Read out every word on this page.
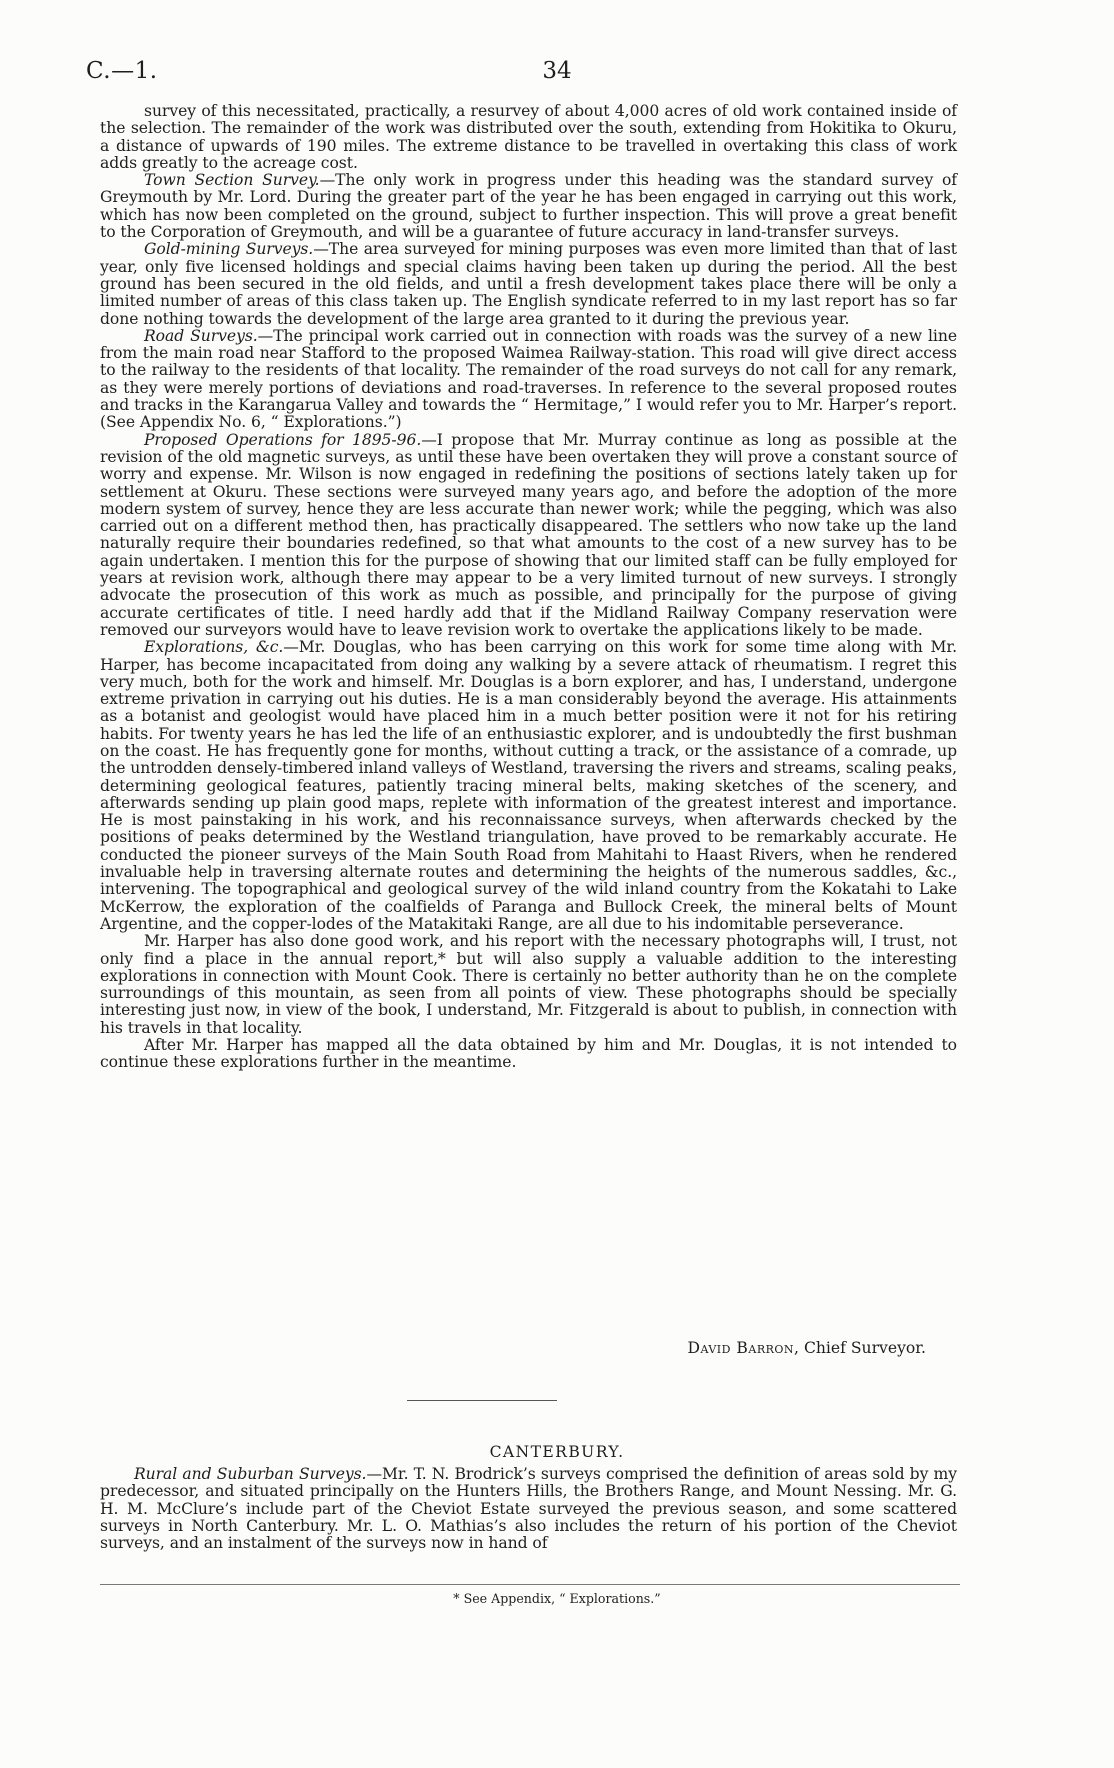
C.—1.	34

survey of this necessitated, practically, a resurvey of about 4,000 acres of old work contained inside of the selection. The remainder of the work was distributed over the south, extending from Hokitika to Okuru, a distance of upwards of 190 miles. The extreme distance to be travelled in overtaking this class of work adds greatly to the acreage cost.

Town Section Survey.—The only work in progress under this heading was the standard survey of Greymouth by Mr. Lord. During the greater part of the year he has been engaged in carrying out this work, which has now been completed on the ground, subject to further inspection. This will prove a great benefit to the Corporation of Greymouth, and will be a guarantee of future accuracy in land-transfer surveys.

Gold-mining Surveys.—The area surveyed for mining purposes was even more limited than that of last year, only five licensed holdings and special claims having been taken up during the period. All the best ground has been secured in the old fields, and until a fresh development takes place there will be only a limited number of areas of this class taken up. The English syndicate referred to in my last report has so far done nothing towards the development of the large area granted to it during the previous year.

Road Surveys.—The principal work carried out in connection with roads was the survey of a new line from the main road near Stafford to the proposed Waimea Railway-station. This road will give direct access to the railway to the residents of that locality. The remainder of the road surveys do not call for any remark, as they were merely portions of deviations and road-traverses. In reference to the several proposed routes and tracks in the Karangarua Valley and towards the “ Hermitage,” I would refer you to Mr. Harper’s report. (See Appendix No. 6, “ Explorations.”)

Proposed Operations for 1895-96.—I propose that Mr. Murray continue as long as possible at the revision of the old magnetic surveys, as until these have been overtaken they will prove a constant source of worry and expense. Mr. Wilson is now engaged in redefining the positions of sections lately taken up for settlement at Okuru. These sections were surveyed many years ago, and before the adoption of the more modern system of survey, hence they are less accurate than newer work; while the pegging, which was also carried out on a different method then, has practically disappeared. The settlers who now take up the land naturally require their boundaries redefined, so that what amounts to the cost of a new survey has to be again undertaken. I mention this for the purpose of showing that our limited staff can be fully employed for years at revision work, although there may appear to be a very limited turnout of new surveys. I strongly advocate the prosecution of this work as much as possible, and principally for the purpose of giving accurate certificates of title. I need hardly add that if the Midland Railway Company reservation were removed our surveyors would have to leave revision work to overtake the applications likely to be made.

Explorations, &c.—Mr. Douglas, who has been carrying on this work for some time along with Mr. Harper, has become incapacitated from doing any walking by a severe attack of rheumatism. I regret this very much, both for the work and himself. Mr. Douglas is a born explorer, and has, I understand, undergone extreme privation in carrying out his duties. He is a man considerably beyond the average. His attainments as a botanist and geologist would have placed him in a much better position were it not for his retiring habits. For twenty years he has led the life of an enthusiastic explorer, and is undoubtedly the first bushman on the coast. He has frequently gone for months, without cutting a track, or the assistance of a comrade, up the untrodden densely-timbered inland valleys of Westland, traversing the rivers and streams, scaling peaks, determining geological features, patiently tracing mineral belts, making sketches of the scenery, and afterwards sending up plain good maps, replete with information of the greatest interest and importance. He is most painstaking in his work, and his reconnaissance surveys, when afterwards checked by the positions of peaks determined by the Westland triangulation, have proved to be remarkably accurate. He conducted the pioneer surveys of the Main South Road from Mahitahi to Haast Rivers, when he rendered invaluable help in traversing alternate routes and determining the heights of the numerous saddles, &c., intervening. The topographical and geological survey of the wild inland country from the Kokatahi to Lake McKerrow, the exploration of the coalfields of Paranga and Bullock Creek, the mineral belts of Mount Argentine, and the copper-lodes of the Matakitaki Range, are all due to his indomitable perseverance.

Mr. Harper has also done good work, and his report with the necessary photographs will, I trust, not only find a place in the annual report,* but will also supply a valuable addition to the interesting explorations in connection with Mount Cook. There is certainly no better authority than he on the complete surroundings of this mountain, as seen from all points of view. These photographs should be specially interesting just now, in view of the book, I understand, Mr. Fitzgerald is about to publish, in connection with his travels in that locality.

After Mr. Harper has mapped all the data obtained by him and Mr. Douglas, it is not intended to continue these explorations further in the meantime.

David Barron, Chief Surveyor.
CANTERBURY.

Rural and Suburban Surveys.—Mr. T. N. Brodrick’s surveys comprised the definition of areas sold by my predecessor, and situated principally on the Hunters Hills, the Brothers Range, and Mount Nessing. Mr. G. H. M. McClure’s include part of the Cheviot Estate surveyed the previous season, and some scattered surveys in North Canterbury. Mr. L. O. Mathias’s also includes the return of his portion of the Cheviot surveys, and an instalment of the surveys now in hand of

* See Appendix, “ Explorations.”
